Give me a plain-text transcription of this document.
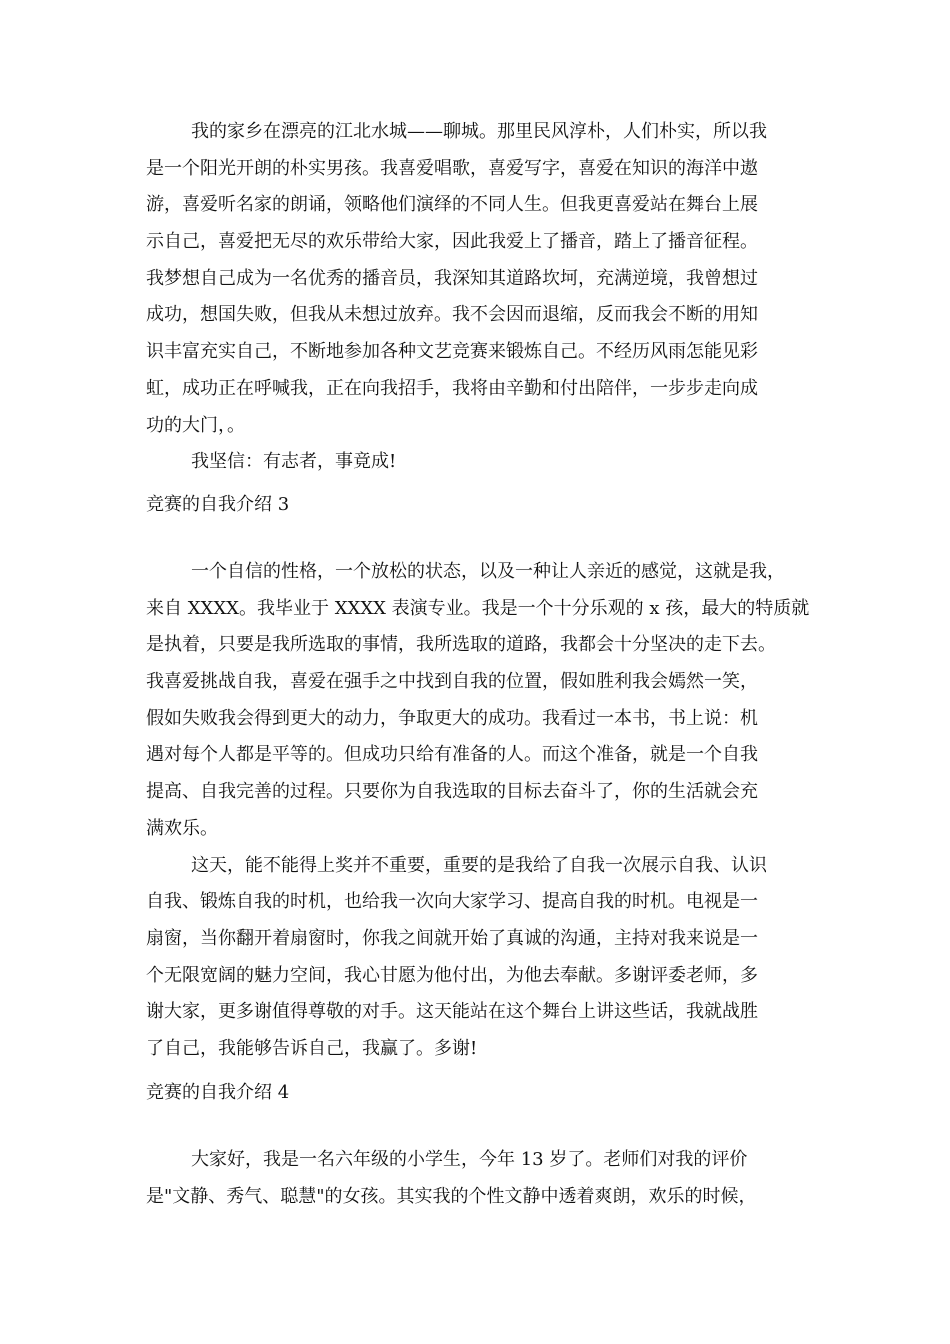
我的家乡在漂亮的江北水城——聊城。那里民风淳朴，人们朴实，所以我
是一个阳光开朗的朴实男孩。我喜爱唱歌，喜爱写字，喜爱在知识的海洋中遨
游，喜爱听名家的朗诵，领略他们演绎的不同人生。但我更喜爱站在舞台上展
示自己，喜爱把无尽的欢乐带给大家，因此我爱上了播音，踏上了播音征程。
我梦想自己成为一名优秀的播音员，我深知其道路坎坷，充满逆境，我曾想过
成功，想国失败，但我从未想过放弃。我不会因而退缩，反而我会不断的用知
识丰富充实自己，不断地参加各种文艺竞赛来锻炼自己。不经历风雨怎能见彩
虹，成功正在呼喊我，正在向我招手，我将由辛勤和付出陪伴，一步步走向成
功的大门，。
我坚信：有志者，事竟成!
竞赛的自我介绍 3
一个自信的性格，一个放松的状态，以及一种让人亲近的感觉，这就是我，
来自 XXXX。我毕业于 XXXX 表演专业。我是一个十分乐观的 x 孩，最大的特质就
是执着，只要是我所选取的事情，我所选取的道路，我都会十分坚决的走下去。
我喜爱挑战自我，喜爱在强手之中找到自我的位置，假如胜利我会嫣然一笑，
假如失败我会得到更大的动力，争取更大的成功。我看过一本书，书上说：机
遇对每个人都是平等的。但成功只给有准备的人。而这个准备，就是一个自我
提高、自我完善的过程。只要你为自我选取的目标去奋斗了，你的生活就会充
满欢乐。
这天，能不能得上奖并不重要，重要的是我给了自我一次展示自我、认识
自我、锻炼自我的时机，也给我一次向大家学习、提高自我的时机。电视是一
扇窗，当你翻开着扇窗时，你我之间就开始了真诚的沟通，主持对我来说是一
个无限宽阔的魅力空间，我心甘愿为他付出，为他去奉献。多谢评委老师，多
谢大家，更多谢值得尊敬的对手。这天能站在这个舞台上讲这些话，我就战胜
了自己，我能够告诉自己，我赢了。多谢!
竞赛的自我介绍 4
大家好，我是一名六年级的小学生，今年 13 岁了。老师们对我的评价
是"文静、秀气、聪慧"的女孩。其实我的个性文静中透着爽朗，欢乐的时候，
